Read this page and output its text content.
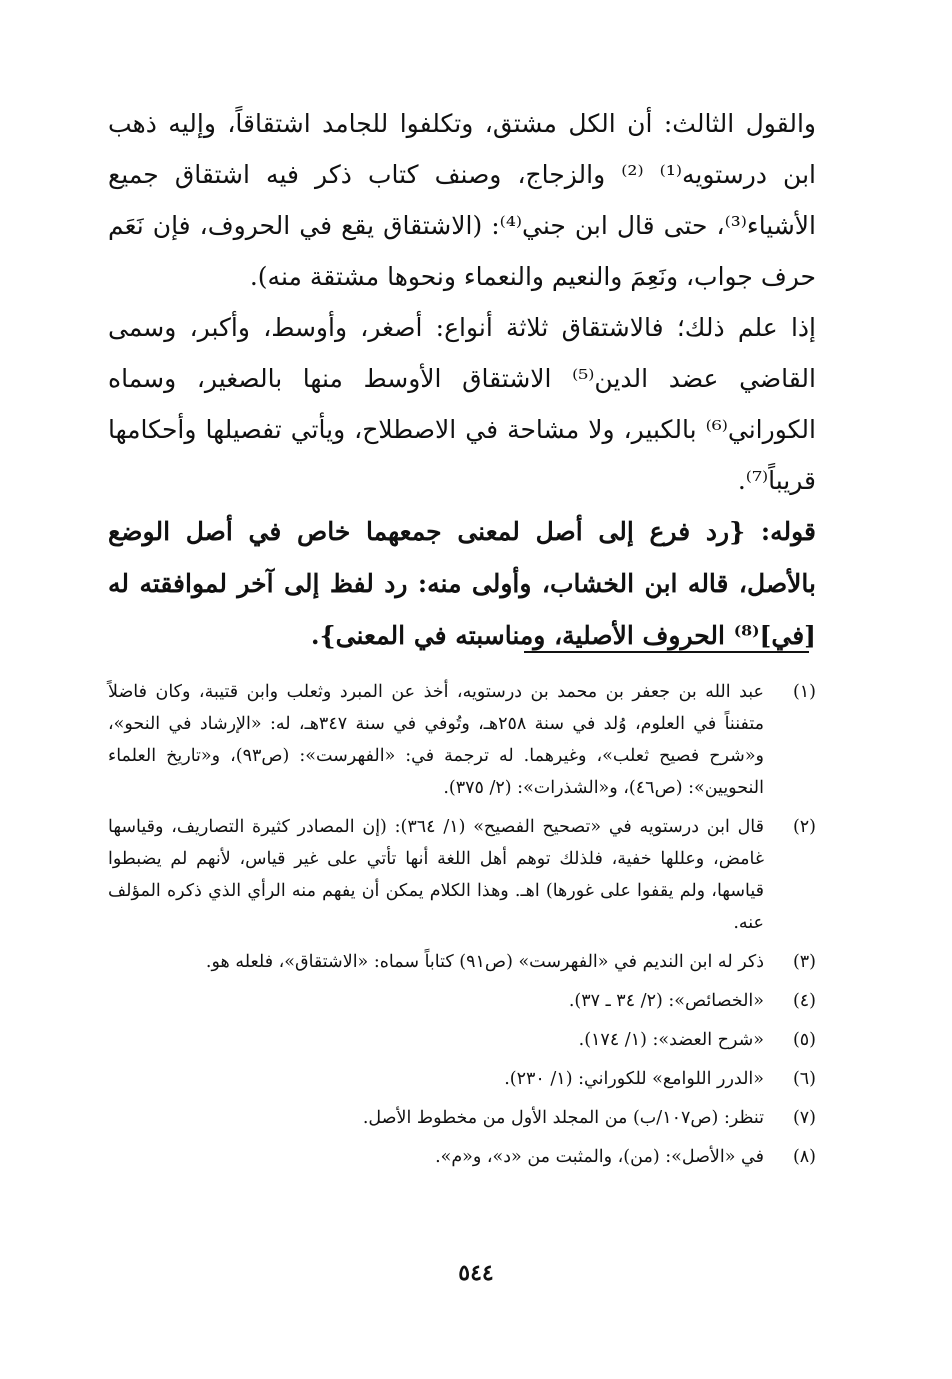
والقول الثالث: أن الكل مشتق، وتكلفوا للجامد اشتقاقاً، وإليه ذهب ابن درستويه⁽¹⁾ ⁽²⁾ والزجاج، وصنف كتاب ذكر فيه اشتقاق جميع الأشياء⁽³⁾، حتى قال ابن جني⁽⁴⁾: (الاشتقاق يقع في الحروف، فإن نَعَم حرف جواب، ونَعِمَ والنعيم والنعماء ونحوها مشتقة منه).

إذا علم ذلك؛ فالاشتقاق ثلاثة أنواع: أصغر، وأوسط، وأكبر، وسمى القاضي عضد الدين⁽⁵⁾ الاشتقاق الأوسط منها بالصغير، وسماه الكوراني⁽⁶⁾ بالكبير، ولا مشاحة في الاصطلاح، ويأتي تفصيلها وأحكامها قريباً⁽⁷⁾.

قوله: {رد فرع إلى أصل لمعنى جمعهما خاص في أصل الوضع بالأصل، قاله ابن الخشاب، وأولى منه: رد لفظ إلى آخر لموافقته له [في]⁽⁸⁾ الحروف الأصلية، ومناسبته في المعنى}.

(١)
عبد الله بن جعفر بن محمد بن درستويه، أخذ عن المبرد وثعلب وابن قتيبة، وكان فاضلاً متفنناً في العلوم، وُلد في سنة ٢٥٨هـ، وتُوفي في سنة ٣٤٧هـ، له: «الإرشاد في النحو»، و«شرح فصيح ثعلب»، وغيرهما. له ترجمة في: «الفهرست»: (ص٩٣)، و«تاريخ العلماء النحويين»: (ص٤٦)، و«الشذرات»: (٢/ ٣٧٥).
(٢)
قال ابن درستويه في «تصحيح الفصيح» (١/ ٣٦٤): (إن المصادر كثيرة التصاريف، وقياسها غامض، وعللها خفية، فلذلك توهم أهل اللغة أنها تأتي على غير قياس، لأنهم لم يضبطوا قياسها، ولم يقفوا على غورها) اهـ. وهذا الكلام يمكن أن يفهم منه الرأي الذي ذكره المؤلف عنه.
(٣)
ذكر له ابن النديم في «الفهرست» (ص٩١) كتاباً سماه: «الاشتقاق»، فلعله هو.
(٤)
«الخصائص»: (٢/ ٣٤ ـ ٣٧).
(٥)
«شرح العضد»: (١/ ١٧٤).
(٦)
«الدرر اللوامع» للكوراني: (١/ ٢٣٠).
(٧)
تنظر: (ص١٠٧/ب) من المجلد الأول من مخطوط الأصل.
(٨)
في «الأصل»: (من)، والمثبت من «د»، و«م».
٥٤٤
